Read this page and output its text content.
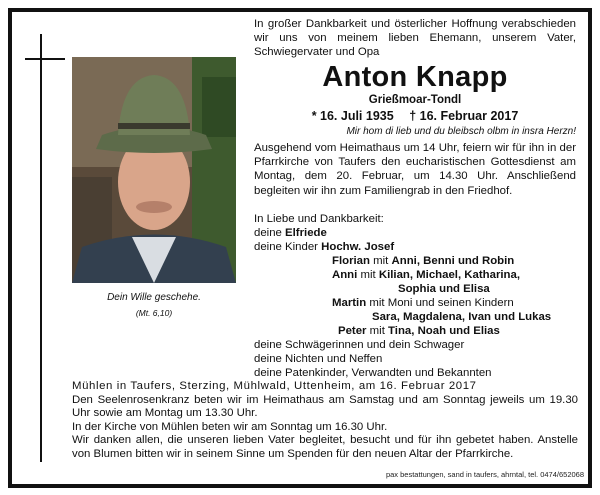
Dein Wille geschehe.
(Mt. 6,10)
In großer Dankbarkeit und österlicher Hoffnung verabschieden wir uns von meinem lieben Ehemann, unserem Vater, Schwiegervater und Opa
Anton Knapp
Grießmoar-Tondl
* 16. Juli 1935 † 16. Februar 2017
Mir hom di lieb und du bleibsch olbm in insra Herzn!
Ausgehend vom Heimathaus um 14 Uhr, feiern wir für ihn in der Pfarrkirche von Taufers den eucharistischen Gottesdienst am Montag, dem 20. Februar, um 14.30 Uhr. Anschließend begleiten wir ihn zum Familiengrab in den Friedhof.
In Liebe und Dankbarkeit:
deine Elfriede
deine Kinder Hochw. Josef
Florian mit Anni, Benni und Robin
Anni mit Kilian, Michael, Katharina,
Sophia und Elisa
Martin mit Moni und seinen Kindern
Sara, Magdalena, Ivan und Lukas
Peter mit Tina, Noah und Elias
deine Schwägerinnen und dein Schwager
deine Nichten und Neffen
deine Patenkinder, Verwandten und Bekannten

Mühlen in Taufers, Sterzing, Mühlwald, Uttenheim, am 16. Februar 2017

Den Seelenrosenkranz beten wir im Heimathaus am Samstag und am Sonntag jeweils um 19.30 Uhr sowie am Montag um 13.30 Uhr.

In der Kirche von Mühlen beten wir am Sonntag um 16.30 Uhr.

Wir danken allen, die unseren lieben Vater begleitet, besucht und für ihn gebetet haben. Anstelle von Blumen bitten wir in seinem Sinne um Spenden für den neuen Altar der Pfarrkirche.

pax bestattungen, sand in taufers, ahrntal, tel. 0474/652068
